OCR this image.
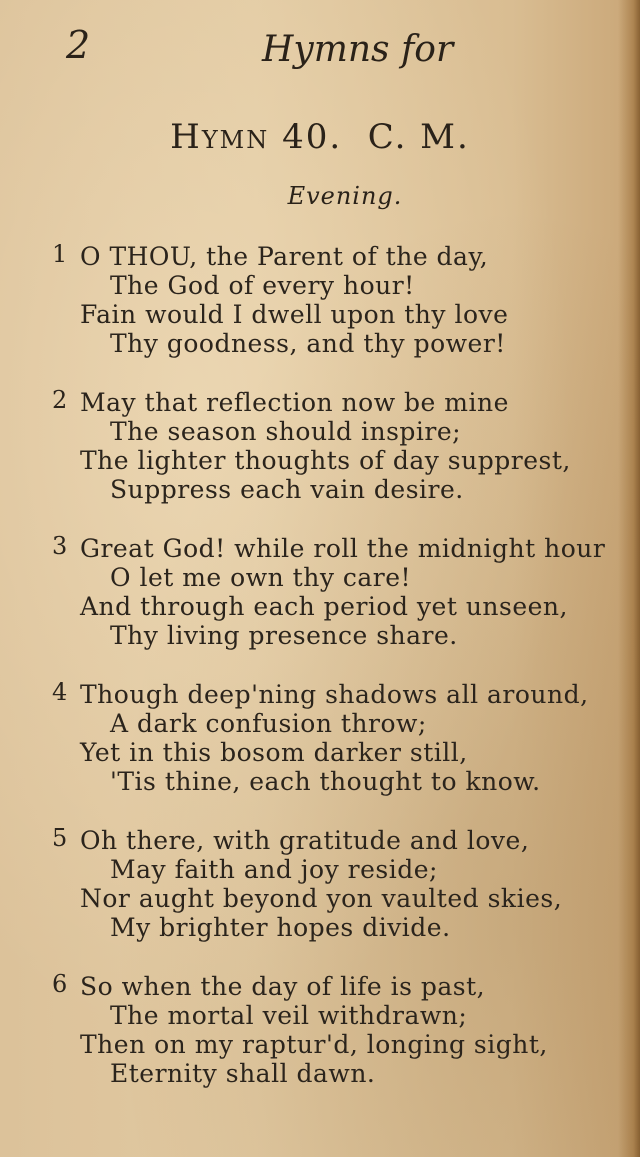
2	Hymns for
HYMN 40. C. M.
Evening.
1 O THOU, the Parent of the day,
The God of every hour!
Fain would I dwell upon thy love
Thy goodness, and thy power!
2 May that reflection now be mine
The season should inspire;
The lighter thoughts of day supprest,
Suppress each vain desire.
3 Great God! while roll the midnight hour
O let me own thy care!
And through each period yet unseen,
Thy living presence share.
4 Though deep'ning shadows all around,
A dark confusion throw;
Yet in this bosom darker still,
'Tis thine, each thought to know.
5 Oh there, with gratitude and love,
May faith and joy reside;
Nor aught beyond yon vaulted skies,
My brighter hopes divide.
6 So when the day of life is past,
The mortal veil withdrawn;
Then on my raptur'd, longing sight,
Eternity shall dawn.
